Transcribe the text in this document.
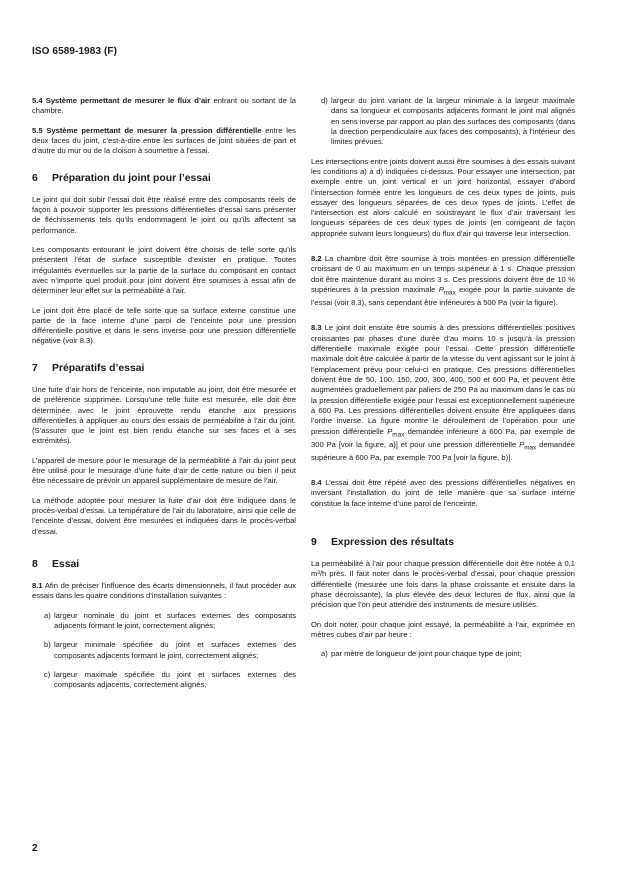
ISO 6589-1983 (F)

5.4 Système permettant de mesurer le flux d’air entrant ou sortant de la chambre.

5.5 Système permettant de mesurer la pression différentielle entre les deux faces du joint, c’est-à-dire entre les surfaces de joint situées de part et d’autre du mur ou de la cloison à soumettre à l’essai.

6 Préparation du joint pour l’essai

Le joint qui doit subir l’essai doit être réalisé entre des composants réels de façon à pouvoir supporter les pressions différentielles d’essai sans présenter de fléchissements tels qu’ils endommagent le joint ou qu’ils affectent sa performance.

Les composants entourant le joint doivent être choisis de telle sorte qu’ils présentent l’état de surface susceptible d’exister en pratique. Toutes irrégularités éventuelles sur la partie de la surface du composant en contact avec n’importe quel produit pour joint doivent être soumises à essai afin de déterminer leur effet sur la perméabilité à l’air.

Le joint doit être placé de telle sorte que sa surface externe constitue une partie de la face interne d’une paroi de l’enceinte pour une pression différentielle positive et dans le sens inverse pour une pression différentielle négative (voir 8.3).

7 Préparatifs d’essai

Une fuite d’air hors de l’enceinte, non imputable au joint, doit être mesurée et de préférence supprimée. Lorsqu’une telle fuite est mesurée, elle doit être déterminée avec le joint éprouvette rendu étanche aux pressions différentielles à appliquer au cours des essais de perméabilité à l’air du joint. (S’assurer que le joint est bien rendu étanche sur ses faces et à ses extrémités).

L’appareil de mesure pour le mesurage de la perméabilité à l’air du joint peut être utilisé pour le mesurage d’une fuite d’air de cette nature ou bien il peut être nécessaire de prévoir un appareil supplémentaire de mesure de l’air.

La méthode adoptée pour mesurer la fuite d’air doit être indiquée dans le procès-verbal d’essai. La température de l’air du laboratoire, ainsi que celle de l’enceinte d’essai, doivent être mesurées et indiquées dans le procès-verbal d’essai.

8 Essai

8.1 Afin de préciser l’influence des écarts dimensionnels, il faut procéder aux essais dans les quatre conditions d’installation suivantes :

a) largeur nominale du joint et surfaces externes des composants adjacents formant le joint, correctement alignés;
b) largeur minimale spécifiée du joint et surfaces externes des composants adjacents formant le joint, correctement alignés;
c) largeur maximale spécifiée du joint et surfaces externes des composants adjacents, correctement alignés;
d) largeur du joint variant de la largeur minimale à la largeur maximale dans sa longueur et composants adjacents formant le joint mal alignés en sens inverse par rapport au plan des surfaces des composants (dans la direction perpendiculaire aux faces des composants), à l’intérieur des limites prévues.

Les intersections entre joints doivent aussi être soumises à des essais suivant les conditions a) à d) indiquées ci-dessus. Pour essayer une intersection, par exemple entre un joint vertical et un joint horizontal, essayer d’abord l’intersection formée entre les longueurs de ces deux types de joints, puis essayer des longueurs séparées de ces deux types de joints. L’effet de l’intersection est alors calculé en soustrayant le flux d’air traversant les longueurs séparées de ces deux types de joints (en corrigeant de façon appropriée suivant leurs longueurs) du flux d’air qui traverse leur intersection.

8.2 La chambre doit être soumise à trois montées en pression différentielle croissant de 0 au maximum en un temps supérieur à 1 s. Chaque pression doit être maintenue durant au moins 3 s. Ces pressions doivent être de 10 % supérieures à la pression maximale $P_{max}$ exigée pour la partie suivante de l’essai (voir 8.3), sans cependant être inférieures à 500 Pa (voir la figure).

8.3 Le joint doit ensuite être soumis à des pressions différentielles positives croissantes par phases d’une durée d’au moins 10 s jusqu’à la pression différentielle maximale exigée pour l’essai. Cette pression différentielle maximale doit être calculée à partir de la vitesse du vent agissant sur le joint à l’emplacement prévu pour celui-ci en pratique. Ces pressions différentielles doivent être de 50, 100, 150, 200, 300, 400, 500 et 600 Pa, et peuvent être augmentées graduellement par paliers de 250 Pa au maximum dans le cas où la pression différentielle exigée pour l’essai est exceptionnellement supérieure à 600 Pa. Les pressions différentielles doivent ensuite être appliquées dans l’ordre inverse. La figure montre le déroulement de l’opération pour une pression différentielle $P_{max}$ demandée inférieure à 600 Pa, par exemple de 300 Pa [voir la figure, a)] et pour une pression différentielle $P_{max}$ demandée supérieure à 600 Pa, par exemple 700 Pa [voir la figure, b)].

8.4 L’essai doit être répété avec des pressions différentielles négatives en inversant l’installation du joint de telle manière que sa surface interne constitue la face interne d’une paroi de l’enceinte.

9 Expression des résultats

La perméabilité à l’air pour chaque pression différentielle doit être notée à 0,1 m³/h près. Il faut noter dans le procès-verbal d’essai, pour chaque pression différentielle (mesurée une fois dans la phase croissante et ensuite dans la phase décroissante), la plus élevée des deux lectures de flux, ainsi que la précision que l’on peut attendre des instruments de mesure utilisés.

On doit noter, pour chaque joint essayé, la perméabilité à l’air, exprimée en mètres cubes d’air par heure :

a) par mètre de longueur de joint pour chaque type de joint;
2
